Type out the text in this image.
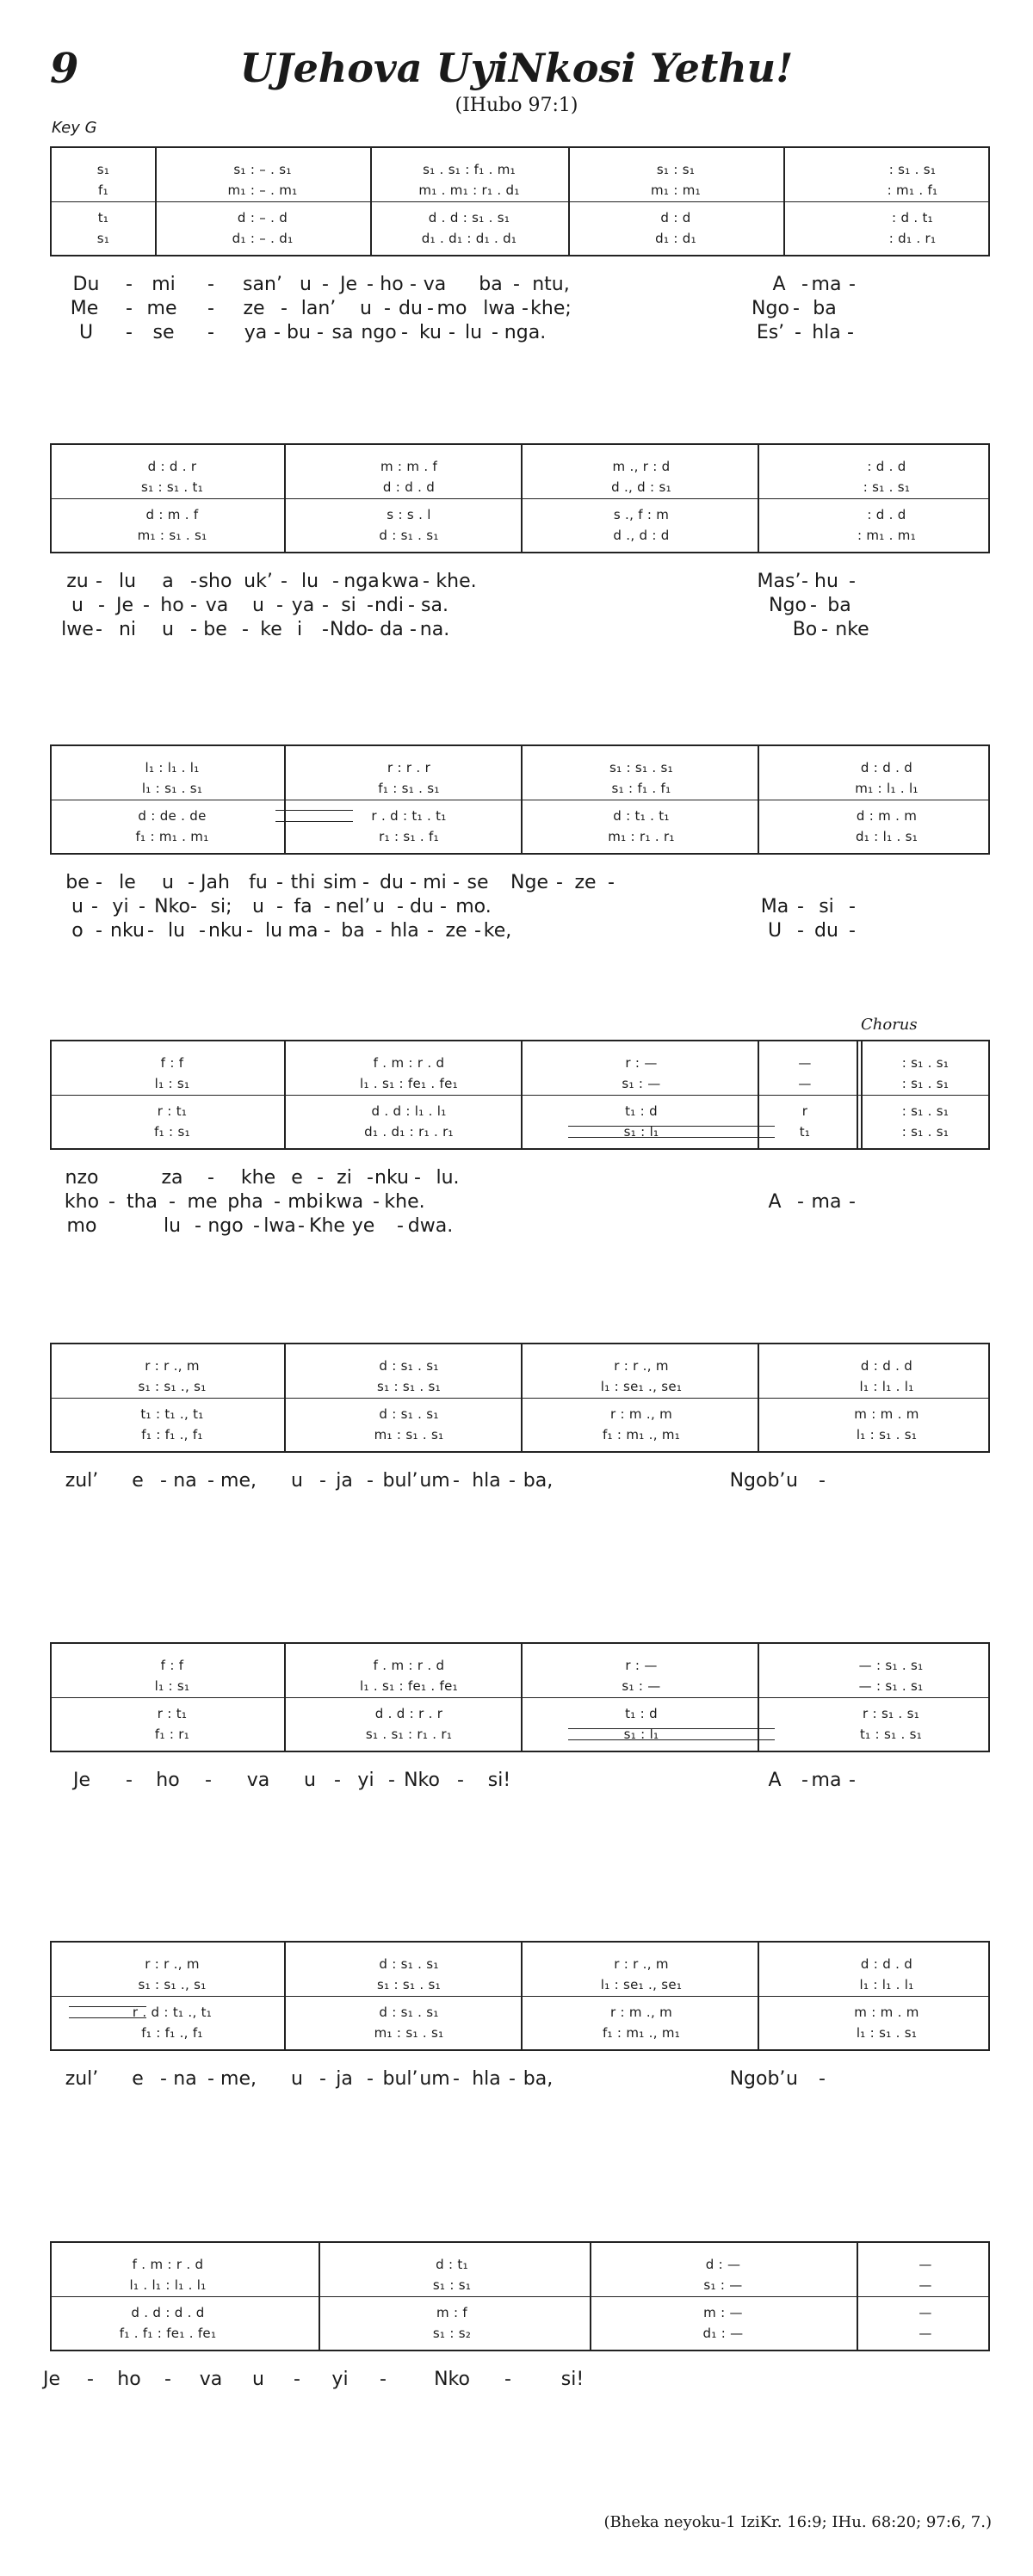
9	UJehova UyiNkosi Yethu!
(IHubo 97:1)
Key G
Chorus
(Bheka neyoku-1 IziKr. 16:9; IHu. 68:20; 97:6, 7.)
s₁	s₁ : – . s₁	s₁ . s₁ : f₁ . m₁	s₁ : s₁	: s₁ . s₁
f₁	m₁ : – . m₁	m₁ . m₁ : r₁ . d₁	m₁ : m₁	: m₁ . f₁
t₁	d : – . d	d . d : s₁ . s₁	d : d	: d . t₁
s₁	d₁ : – . d₁	d₁ . d₁ : d₁ . d₁	d₁ : d₁	: d₁ . r₁
Du - mi - san’ u - Je - ho - va ba - ntu,	A - ma -
Me - me - ze - lan’ u - du - mo lwa - khe;	Ngo - ba
U - se - ya - bu - sa ngo - ku - lu - nga.	Es’ - hla -
d : d . r	m : m . f	m ., r : d	: d . d
s₁ : s₁ . t₁	d : d . d	d ., d : s₁	: s₁ . s₁
d : m . f	s : s . l	s ., f : m	: d . d
m₁ : s₁ . s₁	d : s₁ . s₁	d ., d : d	: m₁ . m₁
zu - lu a - sho uk’ - lu - nga kwa - khe.	Mas’ - hu -
u - Je - ho - va u - ya - si - ndi - sa.	Ngo - ba
lwe - ni u - be - ke i - Ndo - da - na.	Bo - nke
l₁ : l₁ . l₁	r : r . r	s₁ : s₁ . s₁	d : d . d
l₁ : s₁ . s₁	f₁ : s₁ . s₁	s₁ : f₁ . f₁	m₁ : l₁ . l₁
d : de . de	r . d : t₁ . t₁	d : t₁ . t₁	d : m . m
f₁ : m₁ . m₁	r₁ : s₁ . f₁	m₁ : r₁ . r₁	d₁ : l₁ . s₁
be - le u - Jah fu - thi sim - du - mi - se Nge - ze -
u - yi - Nko - si; u - fa - nel’ u - du - mo.	Ma - si -
o - nku - lu - nku - lu ma - ba - hla - ze - ke,	U - du -
f : f	f . m : r . d	r : —	—	: s₁ . s₁
l₁ : s₁	l₁ . s₁ : fe₁ . fe₁	s₁ : —	—	: s₁ . s₁
r : t₁	d . d : l₁ . l₁	t₁ : d	r	: s₁ . s₁
f₁ : s₁	d₁ . d₁ : r₁ . r₁	s₁ : l₁	t₁	: s₁ . s₁
nzo	za - khe e - zi - nku - lu.
kho - tha - me pha - mbi kwa - khe.	A - ma -
mo	lu - ngo - lwa - Khe ye - dwa.
r : r ., m	d : s₁ . s₁	r : r ., m	d : d . d
s₁ : s₁ ., s₁	s₁ : s₁ . s₁	l₁ : se₁ ., se₁	l₁ : l₁ . l₁
t₁ : t₁ ., t₁	d : s₁ . s₁	r : m ., m	m : m . m
f₁ : f₁ ., f₁	m₁ : s₁ . s₁	f₁ : m₁ ., m₁	l₁ : s₁ . s₁
zul’ e - na - me, u - ja - bul’ um - hla - ba,	Ngob’ u -
f : f	f . m : r . d	r : —	— : s₁ . s₁
l₁ : s₁	l₁ . s₁ : fe₁ . fe₁	s₁ : —	— : s₁ . s₁
r : t₁	d . d : r . r	t₁ : d	r : s₁ . s₁
f₁ : r₁	s₁ . s₁ : r₁ . r₁	s₁ : l₁	t₁ : s₁ . s₁
Je - ho - va u - yi - Nko - si!	A - ma -
r : r ., m	d : s₁ . s₁	r : r ., m	d : d . d
s₁ : s₁ ., s₁	s₁ : s₁ . s₁	l₁ : se₁ ., se₁	l₁ : l₁ . l₁
r . d : t₁ ., t₁	d : s₁ . s₁	r : m ., m	m : m . m
f₁ : f₁ ., f₁	m₁ : s₁ . s₁	f₁ : m₁ ., m₁	l₁ : s₁ . s₁
zul’ e - na - me, u - ja - bul’ um - hla - ba,	Ngob’ u -
f . m : r . d	d : t₁	d : —	—
l₁ . l₁ : l₁ . l₁	s₁ : s₁	s₁ : —	—
d . d : d . d	m : f	m : —	—
f₁ . f₁ : fe₁ . fe₁	s₁ : s₂	d₁ : —	—
Je - ho - va u - yi -	Nko -	si!
